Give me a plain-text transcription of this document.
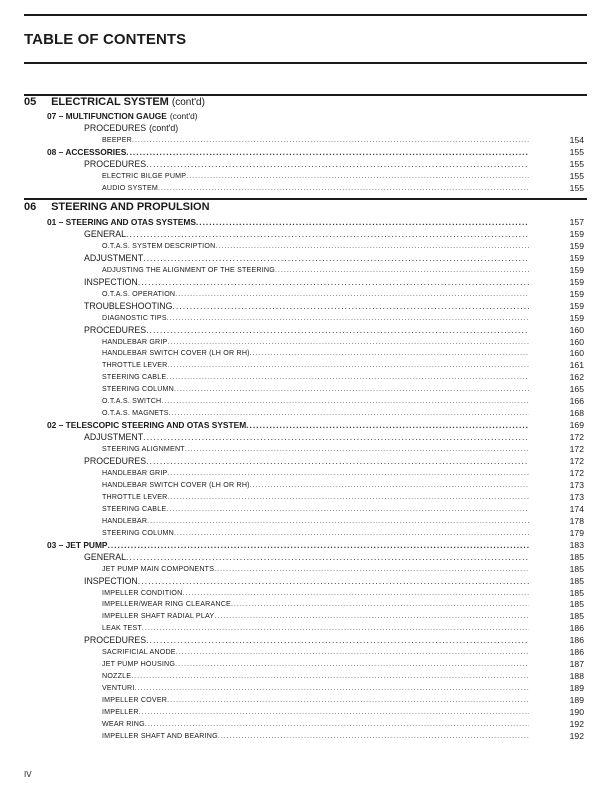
TABLE OF CONTENTS
05 ELECTRICAL SYSTEM (cont'd)
06 STEERING AND PROPULSION
07 – MULTIFUNCTION GAUGE (cont'd)
PROCEDURES (cont'd)
BEEPER .....	154
08 – ACCESSORIES .....	155
PROCEDURES .....	155
ELECTRIC BILGE PUMP .....	155
AUDIO SYSTEM .....	155
01 – STEERING AND OTAS SYSTEMS .....	157
GENERAL .....	159
O.T.A.S. SYSTEM DESCRIPTION .....	159
ADJUSTMENT .....	159
ADJUSTING THE ALIGNMENT OF THE STEERING .....	159
INSPECTION .....	159
O.T.A.S. OPERATION .....	159
TROUBLESHOOTING .....	159
DIAGNOSTIC TIPS .....	159
PROCEDURES .....	160
HANDLEBAR GRIP .....	160
HANDLEBAR SWITCH COVER (LH OR RH) .....	160
THROTTLE LEVER .....	161
STEERING CABLE .....	162
STEERING COLUMN .....	165
O.T.A.S. SWITCH .....	166
O.T.A.S. MAGNETS .....	168
02 – TELESCOPIC STEERING AND OTAS SYSTEM .....	169
ADJUSTMENT .....	172
STEERING ALIGNMENT .....	172
PROCEDURES .....	172
HANDLEBAR GRIP .....	172
HANDLEBAR SWITCH COVER (LH OR RH) .....	173
THROTTLE LEVER .....	173
STEERING CABLE .....	174
HANDLEBAR .....	178
STEERING COLUMN .....	179
03 – JET PUMP .....	183
GENERAL .....	185
JET PUMP MAIN COMPONENTS .....	185
INSPECTION .....	185
IMPELLER CONDITION .....	185
IMPELLER/WEAR RING CLEARANCE .....	185
IMPELLER SHAFT RADIAL PLAY .....	185
LEAK TEST .....	186
PROCEDURES .....	186
SACRIFICIAL ANODE .....	186
JET PUMP HOUSING .....	187
NOZZLE .....	188
VENTURI .....	189
IMPELLER COVER .....	189
IMPELLER .....	190
WEAR RING .....	192
IMPELLER SHAFT AND BEARING .....	192
IV
